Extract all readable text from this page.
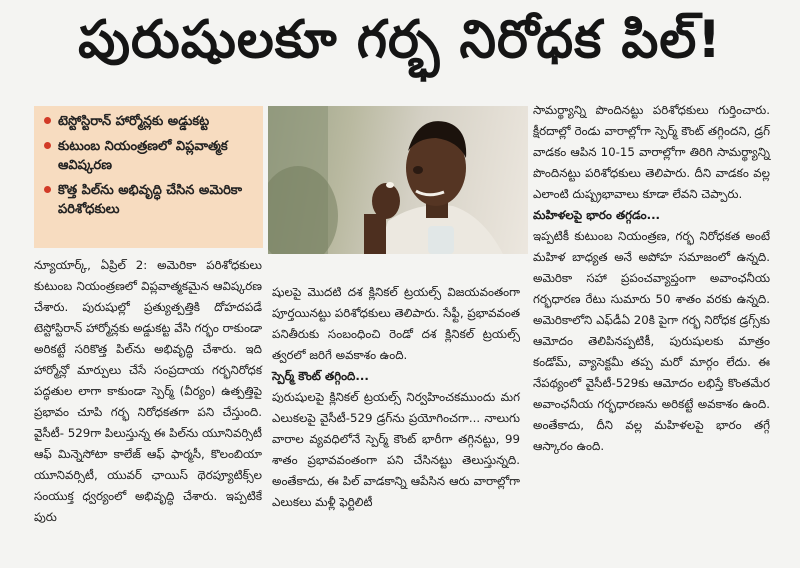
పురుషులకూ గర్భ నిరోధక పిల్!
టెస్టోస్టిరాన్ హార్మోన్లకు అడ్డుకట్ట
కుటుంబ నియంత్రణలో విప్లవాత్మక ఆవిష్కరణ
కొత్త పిల్‌ను అభివృద్ధి చేసిన అమెరికా పరిశోధకులు

న్యూయార్క్, ఏప్రిల్ 2: అమెరికా పరిశోధకులు కుటుంబ నియంత్రణలో విప్లవాత్మకమైన ఆవిష్కరణ చేశారు. పురుషుల్లో ప్రత్యుత్పత్తికి దోహదపడే టెస్టోస్టిరాన్ హార్మోన్లకు అడ్డుకట్ట వేసి గర్భం రాకుండా అరికట్టే సరికొత్త పిల్‌ను అభివృద్ధి చేశారు. ఇది హార్మోన్లో మార్పులు చేసే సంప్రదాయ గర్భనిరోధక పద్ధతుల లాగా కాకుండా స్పెర్మ్ (వీర్యం) ఉత్పత్తిపై ప్రభావం చూపి గర్భ నిరోధకతగా పని చేస్తుంది. వైసీటీ- 529గా పిలుస్తున్న ఈ పిల్‌ను యూనివర్సిటీ ఆఫ్ మిన్నెసోటా కాలేజ్ ఆఫ్ ఫార్మసీ, కొలంబియా యూనివర్సిటీ, యువర్ ఛాయిస్ థెరప్యూటిక్స్‌ల సంయుక్త ధ్వర్యంలో అభివృద్ధి చేశారు. ఇప్పటికే పురు

షులపై మొదటి దశ క్లినికల్ ట్రయల్స్ విజయవంతంగా పూర్తయినట్టు పరిశోధకులు తెలిపారు. సేఫ్టీ, ప్రభావవంత పనితీరుకు సంబంధించి రెండో దశ క్లినికల్ ట్రయల్స్ త్వరలో జరిగే అవకాశం ఉంది.

స్పెర్మ్ కౌంట్ తగ్గింది...

పురుషులపై క్లినికల్ ట్రయల్స్ నిర్వహించకముందు మగ ఎలుకలపై వైసీటీ-529 డ్రగ్‌ను ప్రయోగించగా... నాలుగు వారాల వ్యవధిలోనే స్పెర్మ్ కౌంట్ భారీగా తగ్గినట్టు, 99 శాతం ప్రభావవంతంగా పని చేసినట్టు తెలుస్తున్నది. అంతేకాదు, ఈ పిల్ వాడకాన్ని ఆపేసిన ఆరు వారాల్లోగా ఎలుకలు మళ్లీ ఫెర్టిలిటీ

సామర్థ్యాన్ని పొందినట్టు పరిశోధకులు గుర్తించారు. క్షీరదాల్లో రెండు వారాల్లోగా స్పెర్మ్ కౌంట్ తగ్గిందని, డ్రగ్ వాడకం ఆపిన 10-15 వారాల్లోగా తిరిగి సామర్థ్యాన్ని పొందినట్టు పరిశోధకులు తెలిపారు. దీని వాడకం వల్ల ఎలాంటి దుష్ప్రభావాలు కూడా లేవని చెప్పారు.

మహిళలపై భారం తగ్గడం...

ఇప్పటికీ కుటుంబ నియంత్రణ, గర్భ నిరోధకత అంటే మహిళ బాధ్యత అనే అపోహ సమాజంలో ఉన్నది. అమెరికా సహా ప్రపంచవ్యాప్తంగా అవాంఛనీయ గర్భధారణ రేటు సుమారు 50 శాతం వరకు ఉన్నది. అమెరికాలోని ఎఫ్‌డీఏ 20కి పైగా గర్భ నిరోధక డ్రగ్స్‌కు ఆమోదం తెలిపినప్పటికీ, పురుషులకు మాత్రం కండోమ్, వ్యాసెక్టమీ తప్ప మరో మార్గం లేదు. ఈ నేపథ్యంలో వైసీటీ-529కు ఆమోదం లభిస్తే కొంతమేర అవాంఛనీయ గర్భధారణను అరికట్టే అవకాశం ఉంది. అంతేకాదు, దీని వల్ల మహిళలపై భారం తగ్గే ఆస్కారం ఉంది.
